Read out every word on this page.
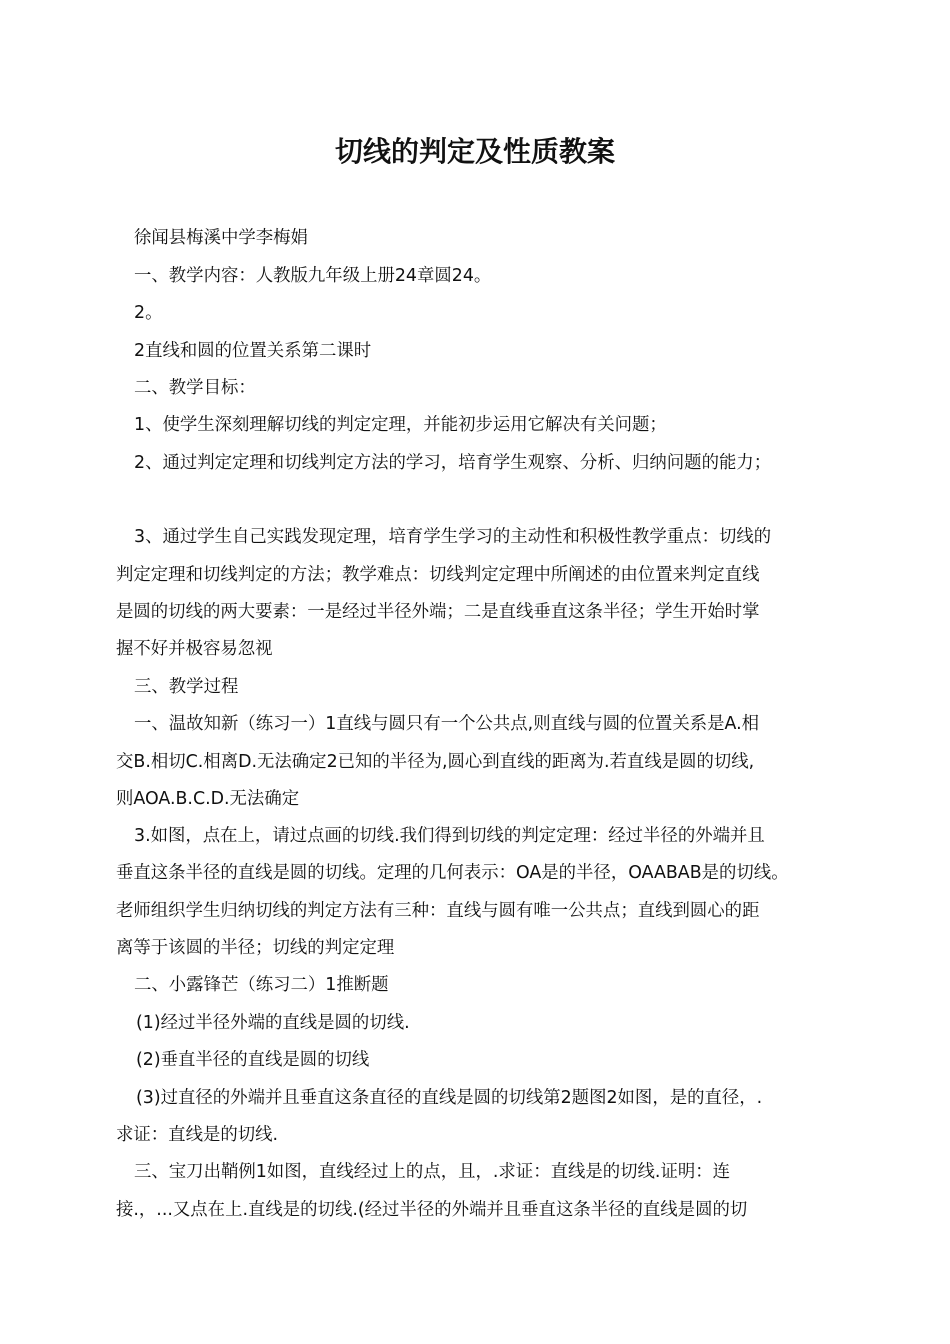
切线的判定及性质教案
徐闻县梅溪中学李梅娟
一、教学内容：人教版九年级上册24章圆24。
2。
2直线和圆的位置关系第二课时
二、教学目标：
1、使学生深刻理解切线的判定定理，并能初步运用它解决有关问题；
2、通过判定定理和切线判定方法的学习，培育学生观察、分析、归纳问题的能力；
3、通过学生自己实践发现定理，培育学生学习的主动性和积极性教学重点：切线的
判定定理和切线判定的方法；教学难点：切线判定定理中所阐述的由位置来判定直线
是圆的切线的两大要素：一是经过半径外端；二是直线垂直这条半径；学生开始时掌
握不好并极容易忽视
三、教学过程
一、温故知新（练习一）1直线与圆只有一个公共点,则直线与圆的位置关系是A.相
交B.相切C.相离D.无法确定2已知的半径为,圆心到直线的距离为.若直线是圆的切线,
则AOA.B.C.D.无法确定
3.如图，点在上，请过点画的切线.我们得到切线的判定定理：经过半径的外端并且
垂直这条半径的直线是圆的切线。定理的几何表示：OA是的半径，OAABAB是的切线。
老师组织学生归纳切线的判定方法有三种：直线与圆有唯一公共点；直线到圆心的距
离等于该圆的半径；切线的判定定理
二、小露锋芒（练习二）1推断题
(1)经过半径外端的直线是圆的切线.
(2)垂直半径的直线是圆的切线
(3)过直径的外端并且垂直这条直径的直线是圆的切线第2题图2如图，是的直径，.
求证：直线是的切线.
三、宝刀出鞘例1如图，直线经过上的点，且，.求证：直线是的切线.证明：连
接.，...又点在上.直线是的切线.(经过半径的外端并且垂直这条半径的直线是圆的切
